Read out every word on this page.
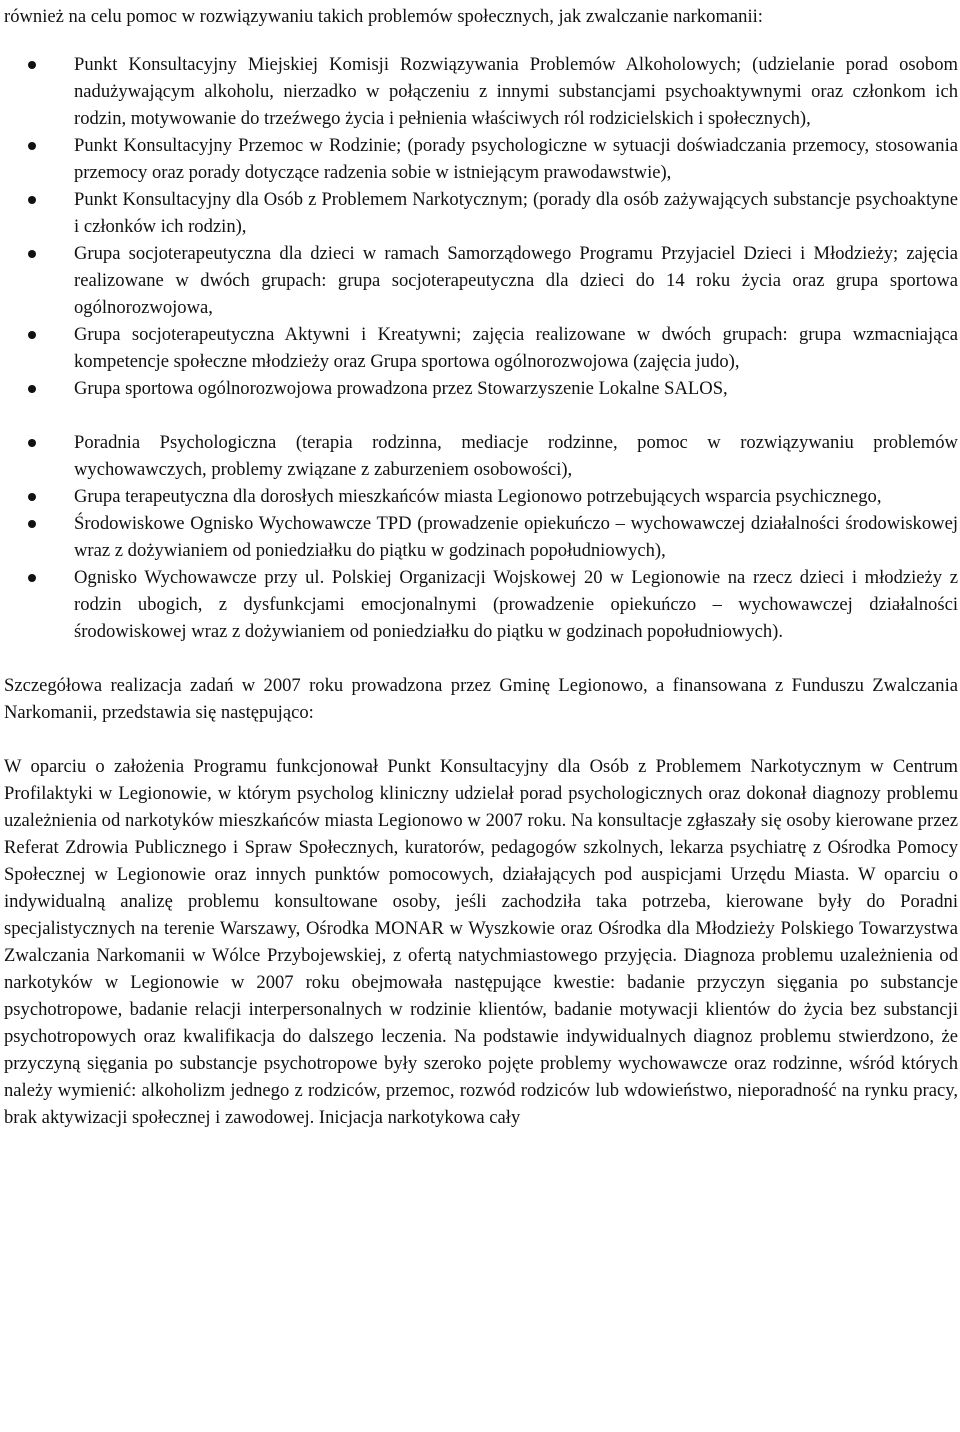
również na celu pomoc w rozwiązywaniu takich problemów społecznych, jak zwalczanie narkomanii:

Punkt Konsultacyjny Miejskiej Komisji Rozwiązywania Problemów Alkoholowych; (udzielanie porad osobom nadużywającym alkoholu, nierzadko w połączeniu z innymi substancjami psychoaktywnymi oraz członkom ich rodzin, motywowanie do trzeźwego życia i pełnienia właściwych ról rodzicielskich i społecznych),
Punkt Konsultacyjny Przemoc w Rodzinie; (porady psychologiczne w sytuacji doświadczania przemocy, stosowania przemocy oraz porady dotyczące radzenia sobie w istniejącym prawodawstwie),
Punkt Konsultacyjny dla Osób z Problemem Narkotycznym; (porady dla osób zażywających substancje psychoaktyne i członków ich rodzin),
Grupa socjoterapeutyczna dla dzieci w ramach Samorządowego Programu Przyjaciel Dzieci i Młodzieży; zajęcia realizowane w dwóch grupach: grupa socjoterapeutyczna dla dzieci do 14 roku życia oraz grupa sportowa ogólnorozwojowa,
Grupa socjoterapeutyczna Aktywni i Kreatywni; zajęcia realizowane w dwóch grupach: grupa wzmacniająca kompetencje społeczne młodzieży oraz Grupa sportowa ogólnorozwojowa (zajęcia judo),
Grupa sportowa ogólnorozwojowa prowadzona przez Stowarzyszenie Lokalne SALOS,
Poradnia Psychologiczna (terapia rodzinna, mediacje rodzinne, pomoc w rozwiązywaniu problemów wychowawczych, problemy związane z zaburzeniem osobowości),
Grupa terapeutyczna dla dorosłych mieszkańców miasta Legionowo potrzebujących wsparcia psychicznego,
Środowiskowe Ognisko Wychowawcze TPD (prowadzenie opiekuńczo – wychowawczej działalności środowiskowej wraz z dożywianiem od poniedziałku do piątku w godzinach popołudniowych),
Ognisko Wychowawcze przy ul. Polskiej Organizacji Wojskowej 20 w Legionowie na rzecz dzieci i młodzieży z rodzin ubogich, z dysfunkcjami emocjonalnymi (prowadzenie opiekuńczo – wychowawczej działalności środowiskowej wraz z dożywianiem od poniedziałku do piątku w godzinach popołudniowych).

Szczegółowa realizacja zadań w 2007 roku prowadzona przez Gminę Legionowo, a finansowana z Funduszu Zwalczania Narkomanii, przedstawia się następująco:

W oparciu o założenia Programu funkcjonował Punkt Konsultacyjny dla Osób z Problemem Narkotycznym w Centrum Profilaktyki w Legionowie, w którym psycholog kliniczny udzielał porad psychologicznych oraz dokonał diagnozy problemu uzależnienia od narkotyków mieszkańców miasta Legionowo w 2007 roku. Na konsultacje zgłaszały się osoby kierowane przez Referat Zdrowia Publicznego i Spraw Społecznych, kuratorów, pedagogów szkolnych, lekarza psychiatrę z Ośrodka Pomocy Społecznej w Legionowie oraz innych punktów pomocowych, działających pod auspicjami Urzędu Miasta. W oparciu o indywidualną analizę problemu konsultowane osoby, jeśli zachodziła taka potrzeba, kierowane były do Poradni specjalistycznych na terenie Warszawy, Ośrodka MONAR w Wyszkowie oraz Ośrodka dla Młodzieży Polskiego Towarzystwa Zwalczania Narkomanii w Wólce Przybojewskiej, z ofertą natychmiastowego przyjęcia. Diagnoza problemu uzależnienia od narkotyków w Legionowie w 2007 roku obejmowała następujące kwestie: badanie przyczyn sięgania po substancje psychotropowe, badanie relacji interpersonalnych w rodzinie klientów, badanie motywacji klientów do życia bez substancji psychotropowych oraz kwalifikacja do dalszego leczenia. Na podstawie indywidualnych diagnoz problemu stwierdzono, że przyczyną sięgania po substancje psychotropowe były szeroko pojęte problemy wychowawcze oraz rodzinne, wśród których należy wymienić: alkoholizm jednego z rodziców, przemoc, rozwód rodziców lub wdowieństwo, nieporadność na rynku pracy, brak aktywizacji społecznej i zawodowej. Inicjacja narkotykowa cały
